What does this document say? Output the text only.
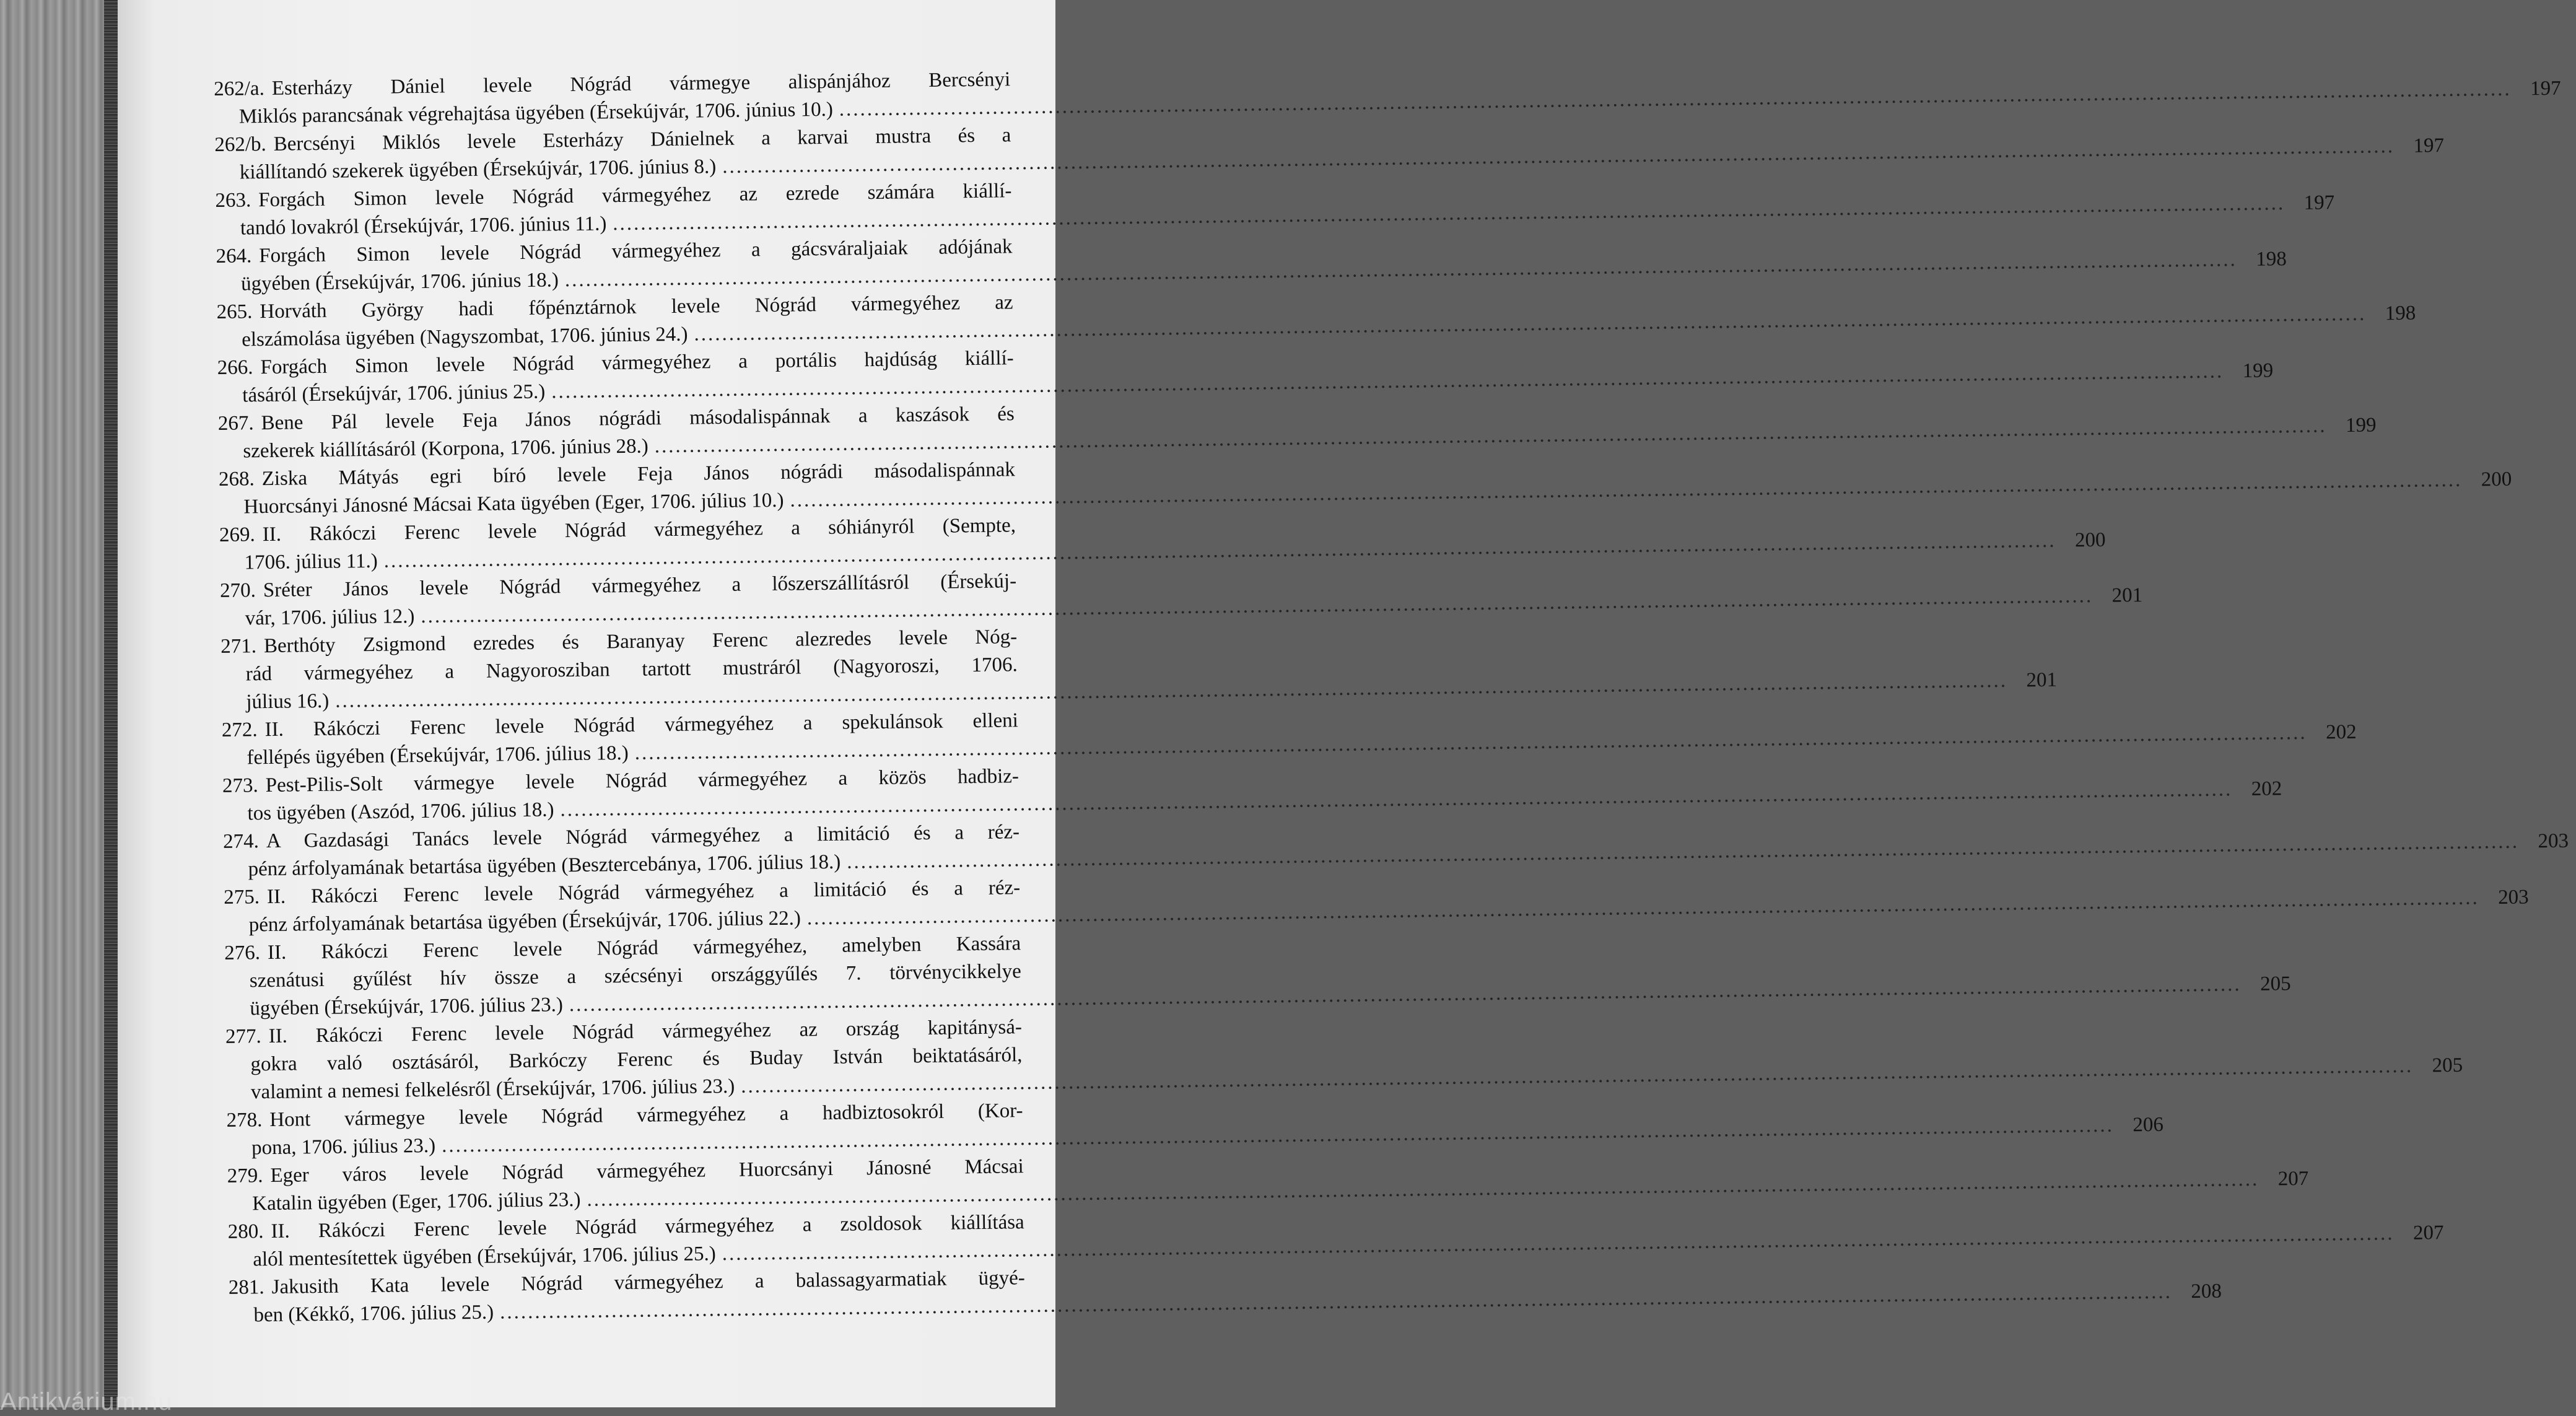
262/a. Esterházy Dániel levele Nógrád vármegye alispánjához Bercsényi
Miklós parancsának végrehajtása ügyében (Érsekújvár, 1706. június 10.)
.....
197
262/b. Bercsényi Miklós levele Esterházy Dánielnek a karvai mustra és a
kiállítandó szekerek ügyében (Érsekújvár, 1706. június 8.)
.....
197
263. Forgách Simon levele Nógrád vármegyéhez az ezrede számára kiállí-
tandó lovakról (Érsekújvár, 1706. június 11.)
.....
197
264. Forgách Simon levele Nógrád vármegyéhez a gácsváraljaiak adójának
ügyében (Érsekújvár, 1706. június 18.)
.....
198
265. Horváth György hadi főpénztárnok levele Nógrád vármegyéhez az
elszámolása ügyében (Nagyszombat, 1706. június 24.)
.....
198
266. Forgách Simon levele Nógrád vármegyéhez a portális hajdúság kiállí-
tásáról (Érsekújvár, 1706. június 25.)
.....
199
267. Bene Pál levele Feja János nógrádi másodalispánnak a kaszások és
szekerek kiállításáról (Korpona, 1706. június 28.)
.....
199
268. Ziska Mátyás egri bíró levele Feja János nógrádi másodalispánnak
Huorcsányi Jánosné Mácsai Kata ügyében (Eger, 1706. július 10.)
.....
200
269. II. Rákóczi Ferenc levele Nógrád vármegyéhez a sóhiányról (Sempte,
1706. július 11.)
.....
200
270. Sréter János levele Nógrád vármegyéhez a lőszerszállításról (Érsekúj-
vár, 1706. július 12.)
.....
201
271. Berthóty Zsigmond ezredes és Baranyay Ferenc alezredes levele Nóg-
rád vármegyéhez a Nagyorosziban tartott mustráról (Nagyoroszi, 1706.
július 16.)
.....
201
272. II. Rákóczi Ferenc levele Nógrád vármegyéhez a spekulánsok elleni
fellépés ügyében (Érsekújvár, 1706. július 18.)
.....
202
273. Pest-Pilis-Solt vármegye levele Nógrád vármegyéhez a közös hadbiz-
tos ügyében (Aszód, 1706. július 18.)
.....
202
274. A Gazdasági Tanács levele Nógrád vármegyéhez a limitáció és a réz-
pénz árfolyamának betartása ügyében (Besztercebánya, 1706. július 18.)
.....
203
275. II. Rákóczi Ferenc levele Nógrád vármegyéhez a limitáció és a réz-
pénz árfolyamának betartása ügyében (Érsekújvár, 1706. július 22.)
.....
203
276. II. Rákóczi Ferenc levele Nógrád vármegyéhez, amelyben Kassára
szenátusi gyűlést hív össze a szécsényi országgyűlés 7. törvénycikkelye
ügyében (Érsekújvár, 1706. július 23.)
.....
205
277. II. Rákóczi Ferenc levele Nógrád vármegyéhez az ország kapitánysá-
gokra való osztásáról, Barkóczy Ferenc és Buday István beiktatásáról,
valamint a nemesi felkelésről (Érsekújvár, 1706. július 23.)
.....
205
278. Hont vármegye levele Nógrád vármegyéhez a hadbiztosokról (Kor-
pona, 1706. július 23.)
.....
206
279. Eger város levele Nógrád vármegyéhez Huorcsányi Jánosné Mácsai
Katalin ügyében (Eger, 1706. július 23.)
.....
207
280. II. Rákóczi Ferenc levele Nógrád vármegyéhez a zsoldosok kiállítása
alól mentesítettek ügyében (Érsekújvár, 1706. július 25.)
.....
207
281. Jakusith Kata levele Nógrád vármegyéhez a balassagyarmatiak ügyé-
ben (Kékkő, 1706. július 25.)
.....
208
Antikvárium.hu
